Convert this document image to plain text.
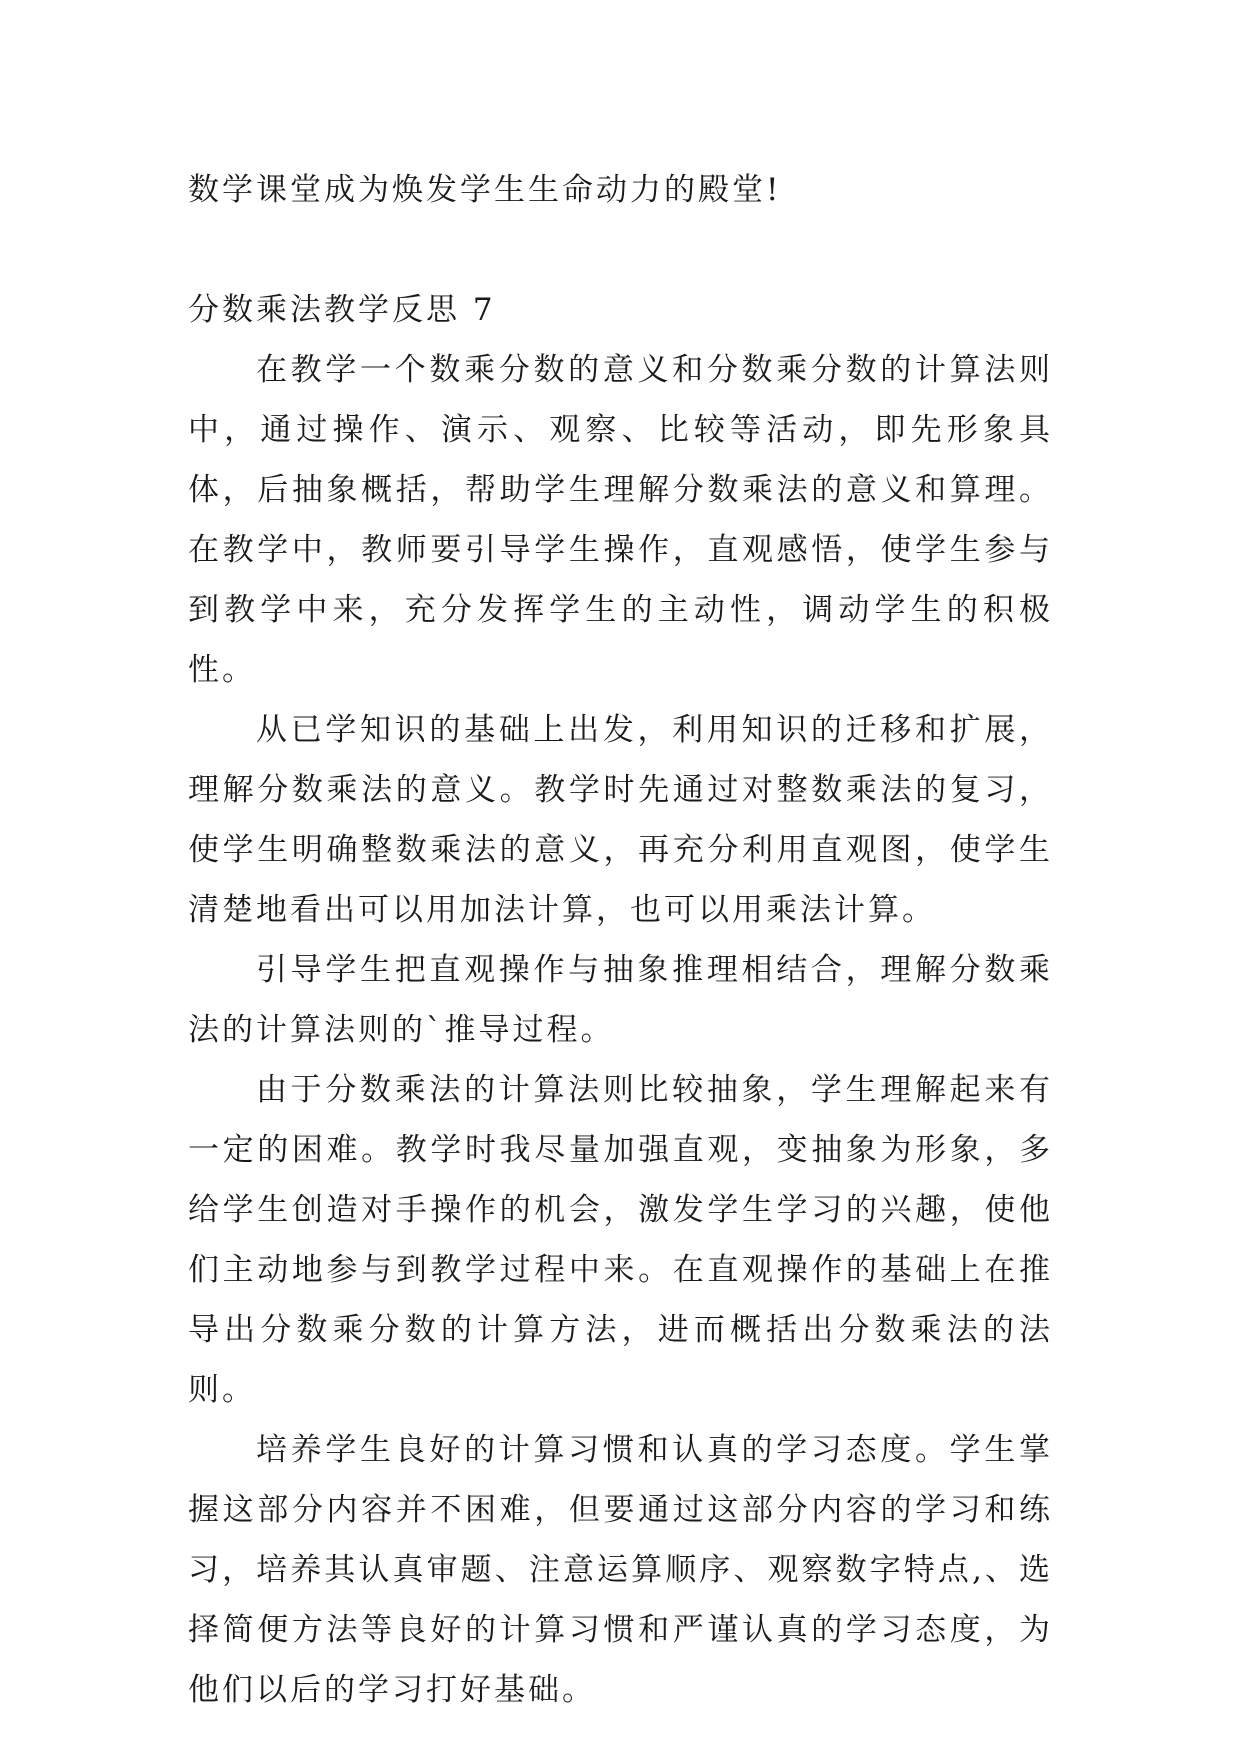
数学课堂成为焕发学生生命动力的殿堂!

分数乘法教学反思 7

在教学一个数乘分数的意义和分数乘分数的计算法则中，通过操作、演示、观察、比较等活动，即先形象具体，后抽象概括，帮助学生理解分数乘法的意义和算理。在教学中，教师要引导学生操作，直观感悟，使学生参与到教学中来，充分发挥学生的主动性，调动学生的积极性。

从已学知识的基础上出发，利用知识的迁移和扩展，理解分数乘法的意义。教学时先通过对整数乘法的复习，使学生明确整数乘法的意义，再充分利用直观图，使学生清楚地看出可以用加法计算，也可以用乘法计算。

引导学生把直观操作与抽象推理相结合，理解分数乘法的计算法则的`推导过程。

由于分数乘法的计算法则比较抽象，学生理解起来有一定的困难。教学时我尽量加强直观，变抽象为形象，多给学生创造对手操作的机会，激发学生学习的兴趣，使他们主动地参与到教学过程中来。在直观操作的基础上在推导出分数乘分数的计算方法，进而概括出分数乘法的法则。

培养学生良好的计算习惯和认真的学习态度。学生掌握这部分内容并不困难，但要通过这部分内容的学习和练习，培养其认真审题、注意运算顺序、观察数字特点,、选择简便方法等良好的计算习惯和严谨认真的学习态度，为他们以后的学习打好基础。
